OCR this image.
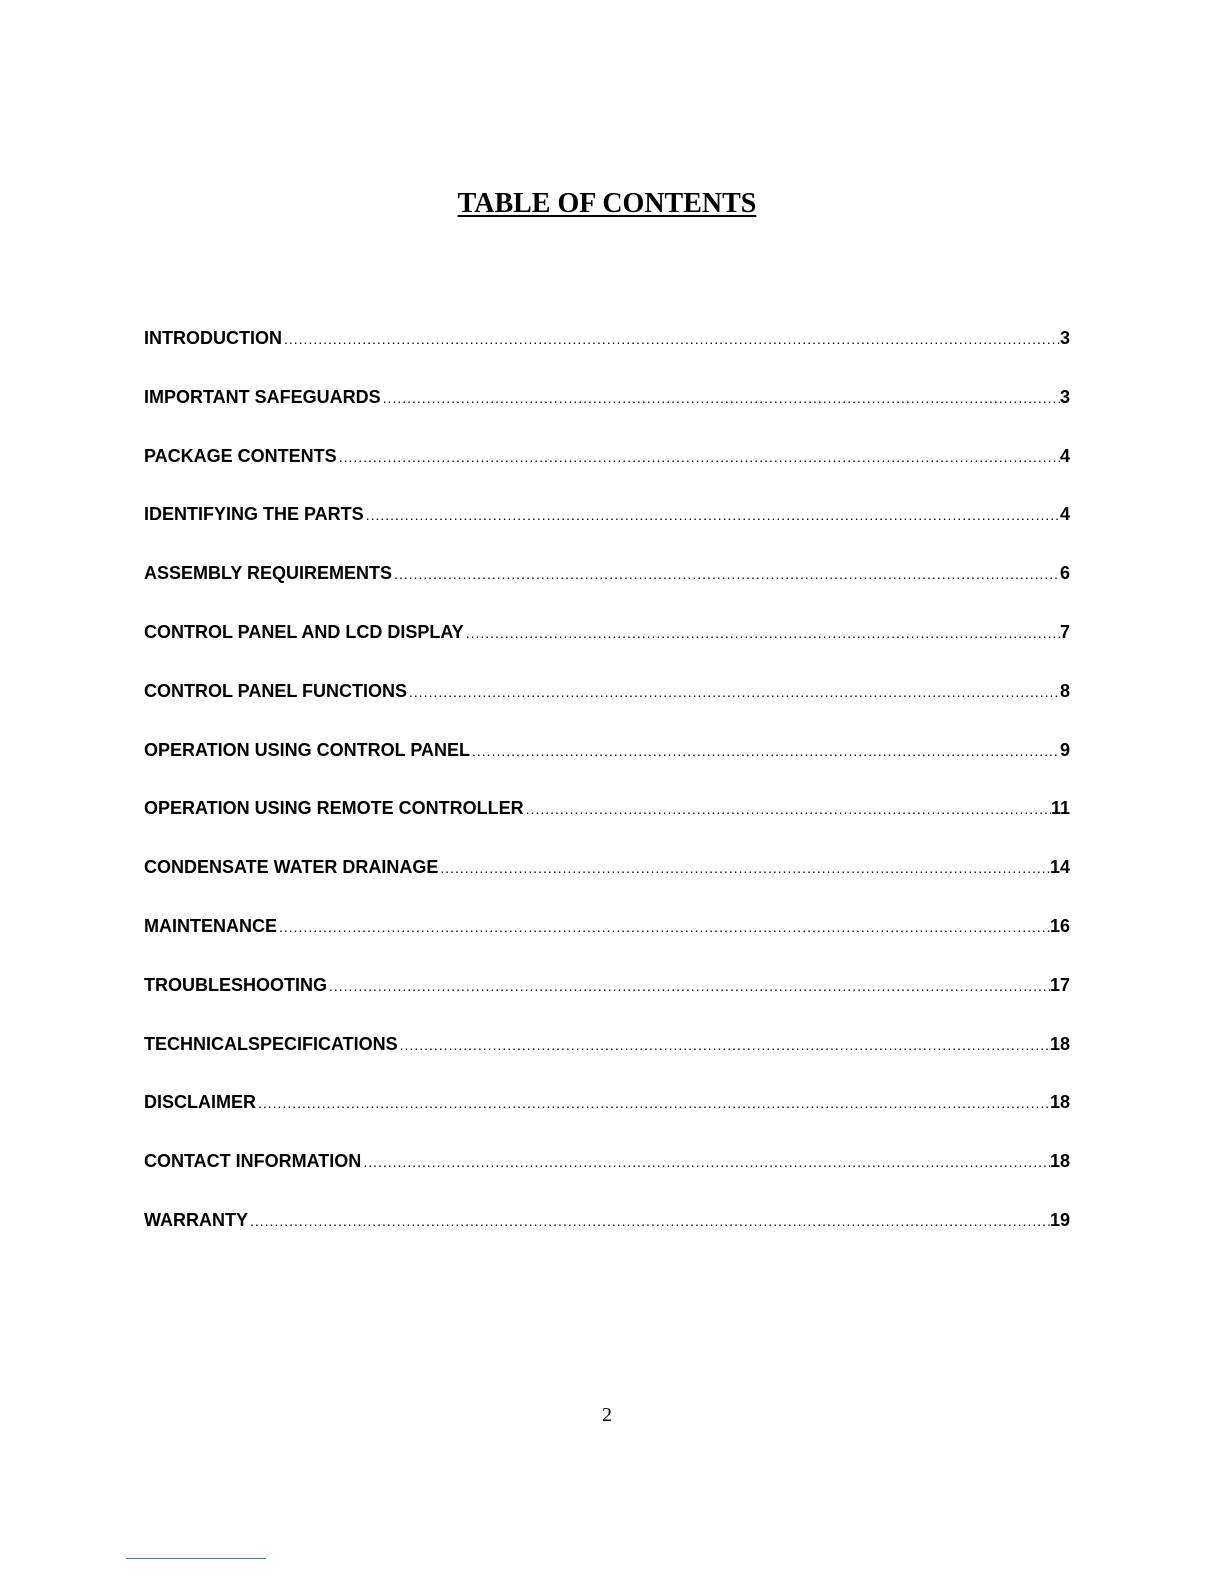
TABLE OF CONTENTS
INTRODUCTION .....	3
IMPORTANT SAFEGUARDS .....	3
PACKAGE CONTENTS .....	4
IDENTIFYING THE PARTS .....	4
ASSEMBLY REQUIREMENTS .....	6
CONTROL PANEL AND LCD DISPLAY .....	7
CONTROL PANEL FUNCTIONS .....	8
OPERATION USING CONTROL PANEL .....	9
OPERATION USING REMOTE CONTROLLER .....	11
CONDENSATE WATER DRAINAGE .....	14
MAINTENANCE .....	16
TROUBLESHOOTING .....	17
TECHNICALSPECIFICATIONS .....	18
DISCLAIMER .....	18
CONTACT INFORMATION .....	18
WARRANTY .....	19
2
